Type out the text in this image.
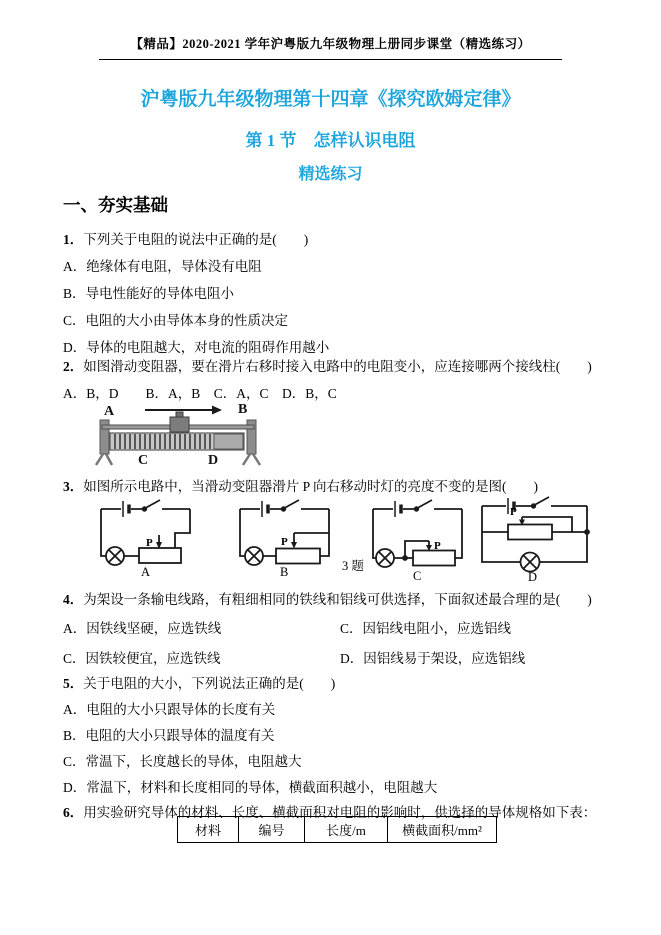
【精品】2020-2021 学年沪粤版九年级物理上册同步课堂（精选练习）
沪粤版九年级物理第十四章《探究欧姆定律》
第 1 节　怎样认识电阻
精选练习
一、夯实基础
1．下列关于电阻的说法中正确的是(　　)
A．绝缘体有电阻，导体没有电阻
B．导电性能好的导体电阻小
C．电阻的大小由导体本身的性质决定
D．导体的电阻越大，对电流的阻碍作用越小
2．如图滑动变阻器，要在滑片右移时接入电路中的电阻变小，应连接哪两个接线柱(　　)
A．B，D　　B．A，B　C．A，C　D．B，C
A	B
C	D
3．如图所示电路中，当滑动变阻器滑片 P 向右移动时灯的亮度不变的是图(　　)
P
A
P
B
P
C
P
D
3 题
4．为架设一条输电线路，有粗细相同的铁线和铝线可供选择，下面叙述最合理的是(　　)
A．因铁线坚硬，应选铁线	C．因铝线电阻小，应选铝线
C．因铁较便宜，应选铁线	D．因铝线易于架设，应选铝线
5．关于电阻的大小，下列说法正确的是(　　)
A．电阻的大小只跟导体的长度有关
B．电阻的大小只跟导体的温度有关
C．常温下，长度越长的导体，电阻越大
D．常温下，材料和长度相同的导体，横截面积越小，电阻越大
6．用实验研究导体的材料、长度、横截面积对电阻的影响时，供选择的导体规格如下表：
材料	编号	长度/m	横截面积/mm²
